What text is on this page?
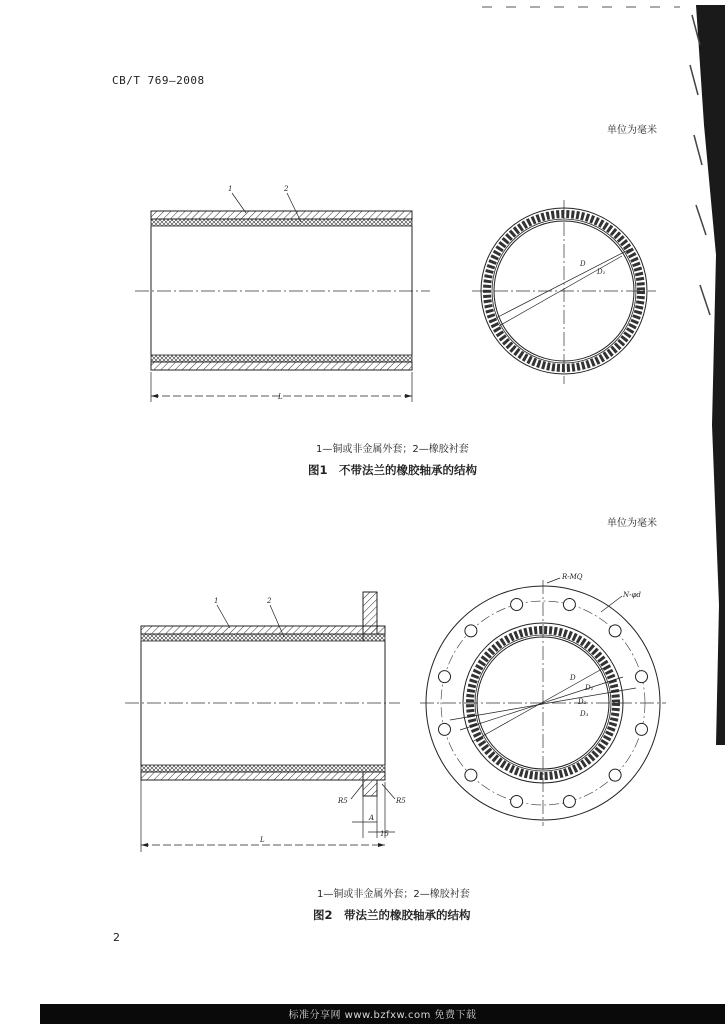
1	2
L
D
D₁
1	2
R5	R5
A
15
L
R-MQ
N-φd
D
D₁
D₂
D₃
CB/T 769—2008
单位为毫米
1—铜或非金属外套；2—橡胶衬套
图1　不带法兰的橡胶轴承的结构
单位为毫米
1—铜或非金属外套；2—橡胶衬套
图2　带法兰的橡胶轴承的结构
2
标准分享网 www.bzfxw.com 免费下载
